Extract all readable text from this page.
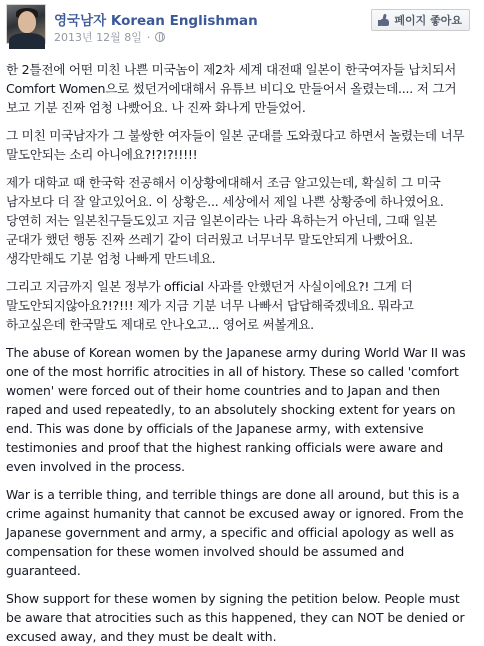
영국남자 Korean Englishman
2013년 12월 8일 ·
페이지 좋아요

한 2틀전에 어떤 미친 나쁜 미국놈이 제2차 세계 대전때 일본이 한국여자들 납치되서 Comfort Women으로 썼던거에대해서 유튜브 비디오 만들어서 올렸는데.... 저 그거 보고 기분 진짜 엄청 나빴어요. 나 진짜 화나게 만들었어.

그 미친 미국남자가 그 불쌍한 여자들이 일본 군대를 도와줬다고 하면서 놀렸는데 너무 말도안되는 소리 아니에요?!?!?!!!!!

제가 대학교 때 한국학 전공해서 이상황에대해서 조금 알고있는데, 확실히 그 미국 남자보다 더 잘 알고있어요. 이 상황은... 세상에서 제일 나쁜 상황중에 하나였어요. 당연히 저는 일본친구들도있고 지금 일본이라는 나라 욕하는거 아닌데, 그때 일본 군대가 했던 행동 진짜 쓰레기 같이 더러웠고 너무너무 말도안되게 나빴어요. 생각만해도 기분 엄청 나빠게 만드네요.

그리고 지금까지 일본 정부가 official 사과를 안했던거 사실이에요?! 그게 더 말도안되지않아요?!?!!! 제가 지금 기분 너무 나빠서 답답해죽겠네요. 뭐라고 하고싶은데 한국말도 제대로 안나오고... 영어로 써볼게요.

The abuse of Korean women by the Japanese army during World War II was one of the most horrific atrocities in all of history. These so called 'comfort women' were forced out of their home countries and to Japan and then raped and used repeatedly, to an absolutely shocking extent for years on end. This was done by officials of the Japanese army, with extensive testimonies and proof that the highest ranking officials were aware and even involved in the process.

War is a terrible thing, and terrible things are done all around, but this is a crime against humanity that cannot be excused away or ignored. From the Japanese government and army, a specific and official apology as well as compensation for these women involved should be assumed and guaranteed.

Show support for these women by signing the petition below. People must be aware that atrocities such as this happened, they can NOT be denied or excused away, and they must be dealt with.
